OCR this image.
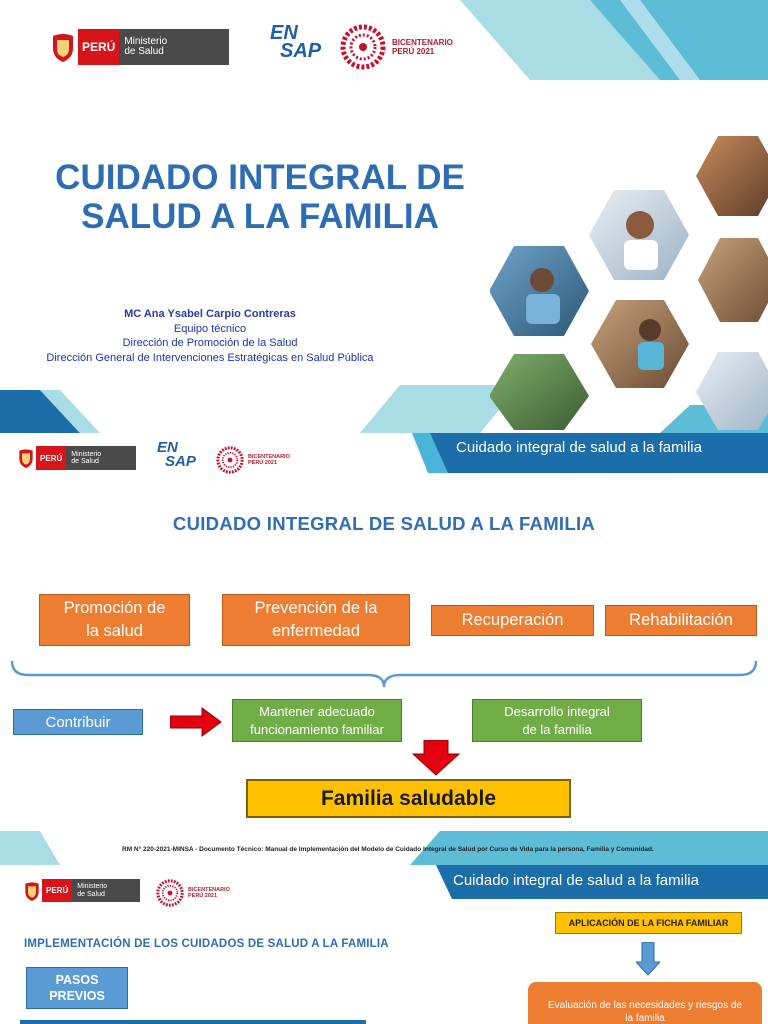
PERÚ Ministerio
de Salud
EN
SAP	BICENTENARIO
PERÚ 2021
CUIDADO INTEGRAL DE
SALUD A LA FAMILIA
MC Ana Ysabel Carpio Contreras
Equipo técnico
Dirección de Promoción de la Salud
Dirección General de Intervenciones Estratégicas en Salud Pública
PERÚ	Ministerio
de Salud
EN
SAP	BICENTENARIO
PERÚ 2021
Cuidado integral de salud a la familia
CUIDADO INTEGRAL DE SALUD A LA FAMILIA
Promoción de
la salud
Prevención de la
enfermedad
Recuperación	Rehabilitación
Contribuir
Mantener adecuado
funcionamiento familiar
Desarrollo integral
de la familia
Familia saludable
RM N° 220-2021-MINSA - Documento Técnico: Manual de Implementación del Modelo de Cuidado Integral de Salud por Curso de Vida para la persona, Familia y Comunidad.
PERÚ	Ministerio
de Salud
BICENTENARIO
PERÚ 2021
Cuidado integral de salud a la familia
IMPLEMENTACIÓN DE LOS CUIDADOS DE SALUD A LA FAMILIA
PASOS
PREVIOS
APLICACIÓN DE LA FICHA FAMILIAR
Evaluación de las necesidades y riesgos de
la familia
